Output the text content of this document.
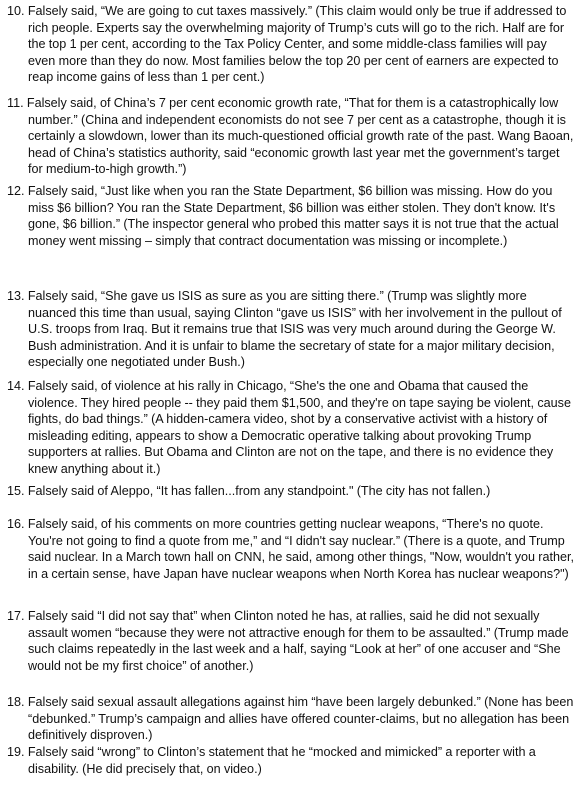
10. Falsely said, “We are going to cut taxes massively.” (This claim would only be true if addressed to rich people. Experts say the overwhelming majority of Trump’s cuts will go to the rich. Half are for the top 1 per cent, according to the Tax Policy Center, and some middle-class families will pay even more than they do now. Most families below the top 20 per cent of earners are expected to reap income gains of less than 1 per cent.)
11. Falsely said, of China’s 7 per cent economic growth rate, “That for them is a catastrophically low number.” (China and independent economists do not see 7 per cent as a catastrophe, though it is certainly a slowdown, lower than its much-questioned official growth rate of the past. Wang Baoan, head of China’s statistics authority, said “economic growth last year met the government’s target for medium-to-high growth.”)
12. Falsely said, “Just like when you ran the State Department, $6 billion was missing. How do you miss $6 billion? You ran the State Department, $6 billion was either stolen. They don't know. It's gone, $6 billion.” (The inspector general who probed this matter says it is not true that the actual money went missing – simply that contract documentation was missing or incomplete.)
13. Falsely said, “She gave us ISIS as sure as you are sitting there.” (Trump was slightly more nuanced this time than usual, saying Clinton “gave us ISIS” with her involvement in the pullout of U.S. troops from Iraq. But it remains true that ISIS was very much around during the George W. Bush administration. And it is unfair to blame the secretary of state for a major military decision, especially one negotiated under Bush.)
14. Falsely said, of violence at his rally in Chicago, “She's the one and Obama that caused the violence. They hired people -- they paid them $1,500, and they're on tape saying be violent, cause fights, do bad things.” (A hidden-camera video, shot by a conservative activist with a history of misleading editing, appears to show a Democratic operative talking about provoking Trump supporters at rallies. But Obama and Clinton are not on the tape, and there is no evidence they knew anything about it.)
15. Falsely said of Aleppo, “It has fallen...from any standpoint." (The city has not fallen.)
16. Falsely said, of his comments on more countries getting nuclear weapons, “There's no quote. You're not going to find a quote from me,” and “I didn't say nuclear.” (There is a quote, and Trump said nuclear. In a March town hall on CNN, he said, among other things, "Now, wouldn't you rather, in a certain sense, have Japan have nuclear weapons when North Korea has nuclear weapons?")
17. Falsely said “I did not say that” when Clinton noted he has, at rallies, said he did not sexually assault women “because they were not attractive enough for them to be assaulted.” (Trump made such claims repeatedly in the last week and a half, saying “Look at her” of one accuser and “She would not be my first choice” of another.)
18. Falsely said sexual assault allegations against him “have been largely debunked.” (None has been “debunked.” Trump’s campaign and allies have offered counter-claims, but no allegation has been definitively disproven.)
19. Falsely said “wrong” to Clinton’s statement that he “mocked and mimicked” a reporter with a disability. (He did precisely that, on video.)
